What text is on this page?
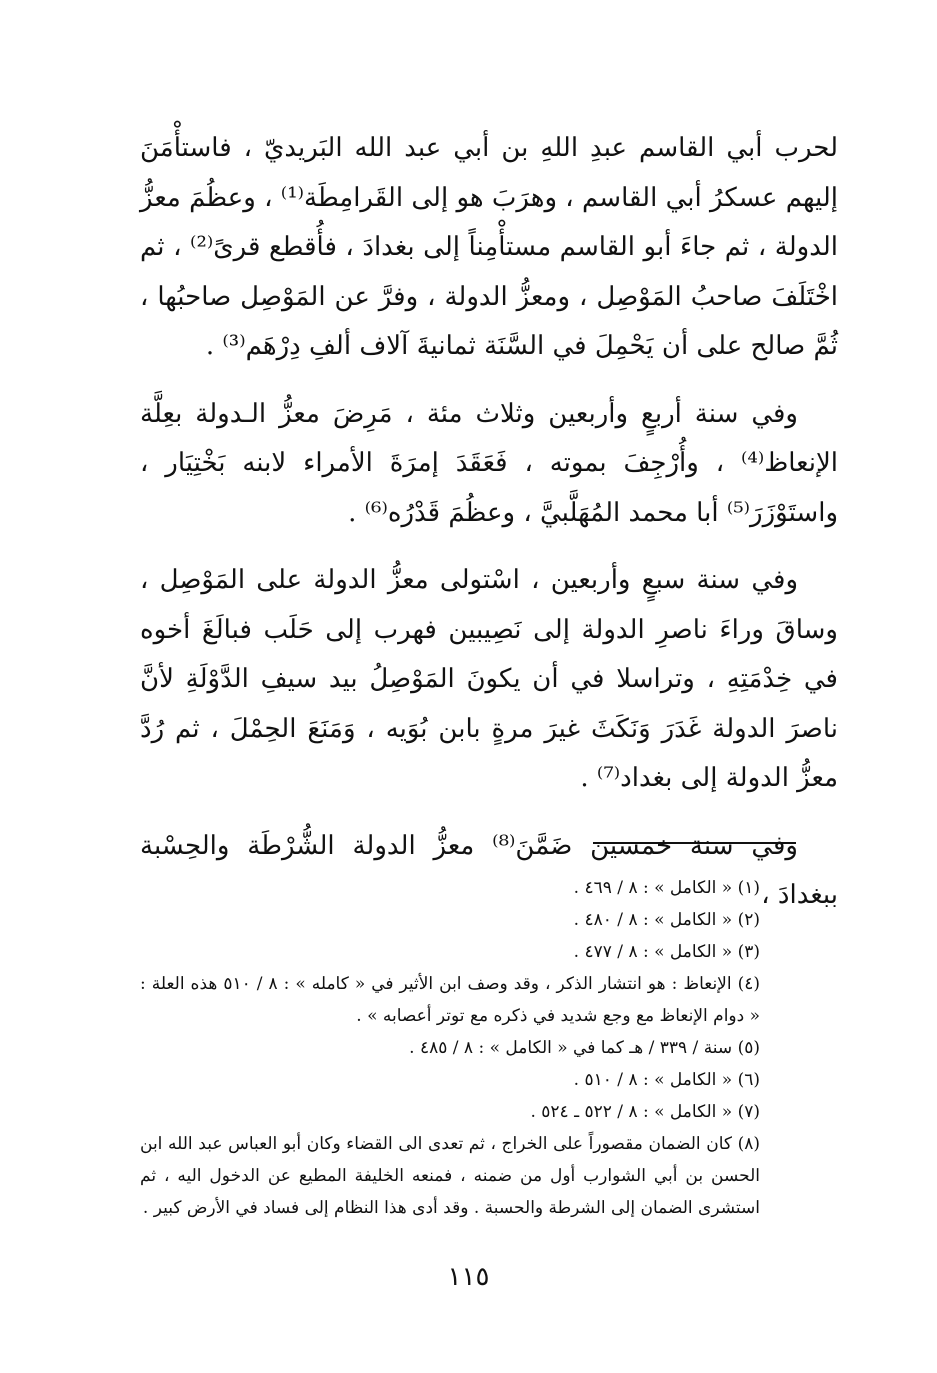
لحرب أبي القاسم عبدِ اللهِ بن أبي عبد الله البَريديّ ، فاستأْمَنَ إليهم عسكرُ أبي القاسم ، وهرَبَ هو إلى القَرامِطَة⁽¹⁾ ، وعظُمَ معزُّ الدولة ، ثم جاءَ أبو القاسم مستأْمِناً إلى بغدادَ ، فأُقطع قرىً⁽²⁾ ، ثم اخْتَلَفَ صاحبُ المَوْصِل ، ومعزُّ الدولة ، وفرَّ عن المَوْصِل صاحبُها ، ثُمَّ صالح على أن يَحْمِلَ في السَّنَة ثمانيةَ آلاف ألفِ دِرْهَم⁽³⁾ .

وفي سنة أربعٍ وأربعين وثلاث مئة ، مَرِضَ معزُّ الـدولة بعِلَّة الإنعاظ⁽⁴⁾ ، وأُرْجِفَ بموته ، فَعَقَدَ إمرَةَ الأمراء لابنه بَخْتِيَار ، واستَوْزَرَ⁽⁵⁾ أبا محمد المُهَلَّبيَّ ، وعظُمَ قَدْرُه⁽⁶⁾ .

وفي سنة سبعٍ وأربعين ، اسْتولى معزُّ الدولة على المَوْصِل ، وساقَ وراءَ ناصرِ الدولة إلى نَصِيبين فهرب إلى حَلَب فبالَغَ أخوه في خِدْمَتِهِ ، وتراسلا في أن يكونَ المَوْصِلُ بيد سيفِ الدَّوْلَةِ لأنَّ ناصرَ الدولة غَدَرَ وَنَكَثَ غيرَ مرةٍ بابن بُوَيه ، وَمَنَعَ الحِمْلَ ، ثم رُدَّ معزُّ الدولة إلى بغداد⁽⁷⁾ .

وفي سنة خمسين ضَمَّنَ⁽⁸⁾ معزُّ الدولة الشُّرْطَة والحِسْبة ببغدادَ ،

(١) « الكامل » : ٨ / ٤٦٩ .

(٢) « الكامل » : ٨ / ٤٨٠ .

(٣) « الكامل » : ٨ / ٤٧٧ .

(٤) الإنعاظ : هو انتشار الذكر ، وقد وصف ابن الأثير في « كامله » : ٨ / ٥١٠ هذه العلة : « دوام الإنعاظ مع وجع شديد في ذكره مع توتر أعصابه » .

(٥) سنة / ٣٣٩ / هـ كما في « الكامل » : ٨ / ٤٨٥ .

(٦) « الكامل » : ٨ / ٥١٠ .

(٧) « الكامل » : ٨ / ٥٢٢ ـ ٥٢٤ .

(٨) كان الضمان مقصوراً على الخراج ، ثم تعدى الى القضاء وكان أبو العباس عبد الله ابن الحسن بن أبي الشوارب أول من ضمنه ، فمنعه الخليفة المطيع عن الدخول اليه ، ثم استشرى الضمان إلى الشرطة والحسبة . وقد أدى هذا النظام إلى فساد في الأرض كبير .

١١٥
